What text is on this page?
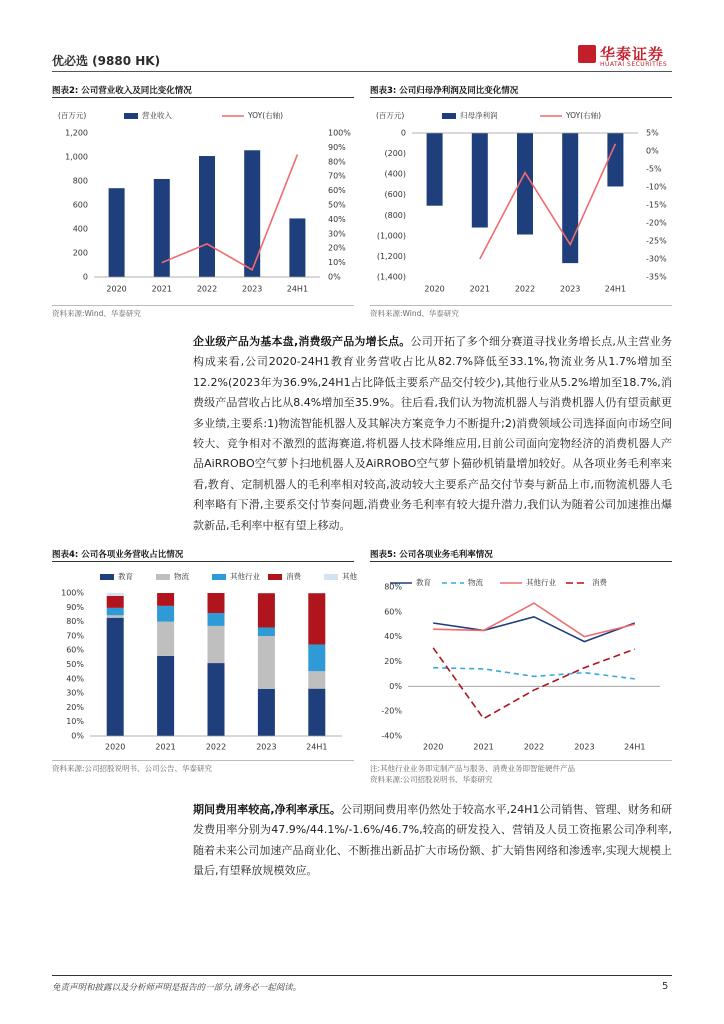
优必选 (9880 HK)	华泰证券
HUATAI SECURITIES
图表2: 公司营业收入及同比变化情况
(百万元)	营业收入	YOY(右轴)
0
200
400
600
800
1,000
1,200
0%
10%
20%
30%
40%
50%
60%
70%
80%
90%
100%
2020	2021	2022	2023	24H1
资料来源:Wind、华泰研究
图表3: 公司归母净利润及同比变化情况
(百万元)	归母净利润	YOY(右轴)
0
(200)
(400)
(600)
(800)
(1,000)
(1,200)
(1,400)
5%
0%
-5%
-10%
-15%
-20%
-25%
-30%
-35%
2020	2021	2022	2023	24H1
资料来源:Wind、华泰研究
企业级产品为基本盘,消费级产品为增长点。公司开拓了多个细分赛道寻找业务增长点,从主营业务构成来看,公司2020-24H1教育业务营收占比从82.7%降低至33.1%,物流业务从1.7%增加至12.2%(2023年为36.9%,24H1占比降低主要系产品交付较少),其他行业从5.2%增加至18.7%,消费级产品营收占比从8.4%增加至35.9%。往后看,我们认为物流机器人与消费机器人仍有望贡献更多业绩,主要系:1)物流智能机器人及其解决方案竞争力不断提升;2)消费领域公司选择面向市场空间较大、竞争相对不激烈的蓝海赛道,将机器人技术降维应用,目前公司面向宠物经济的消费机器人产品AiRROBO空气萝卜扫地机器人及AiRROBO空气萝卜猫砂机销量增加较好。从各项业务毛利率来看,教育、定制机器人的毛利率相对较高,波动较大主要系产品交付节奏与新品上市,而物流机器人毛利率略有下滑,主要系交付节奏问题,消费业务毛利率有较大提升潜力,我们认为随着公司加速推出爆款新品,毛利率中枢有望上移动。
图表4: 公司各项业务营收占比情况
教育	物流	其他行业	消费	其他
0%
10%
20%
30%
40%
50%
60%
70%
80%
90%
100%
2020	2021	2022	2023	24H1
资料来源:公司招股说明书、公司公告、华泰研究
图表5: 公司各项业务毛利率情况
教育	物流	其他行业	消费
-40%
-20%
0%
20%
40%
60%
80%
2020	2021	2022	2023	24H1
注:其他行业业务即定制产品与服务、消费业务即智能硬件产品
资料来源:公司招股说明书、华泰研究
期间费用率较高,净利率承压。公司期间费用率仍然处于较高水平,24H1公司销售、管理、财务和研发费用率分别为47.9%/44.1%/-1.6%/46.7%,较高的研发投入、营销及人员工资拖累公司净利率,随着未来公司加速产品商业化、不断推出新品扩大市场份额、扩大销售网络和渗透率,实现大规模上量后,有望释放规模效应。
免责声明和披露以及分析师声明是报告的一部分,请务必一起阅读。	5
